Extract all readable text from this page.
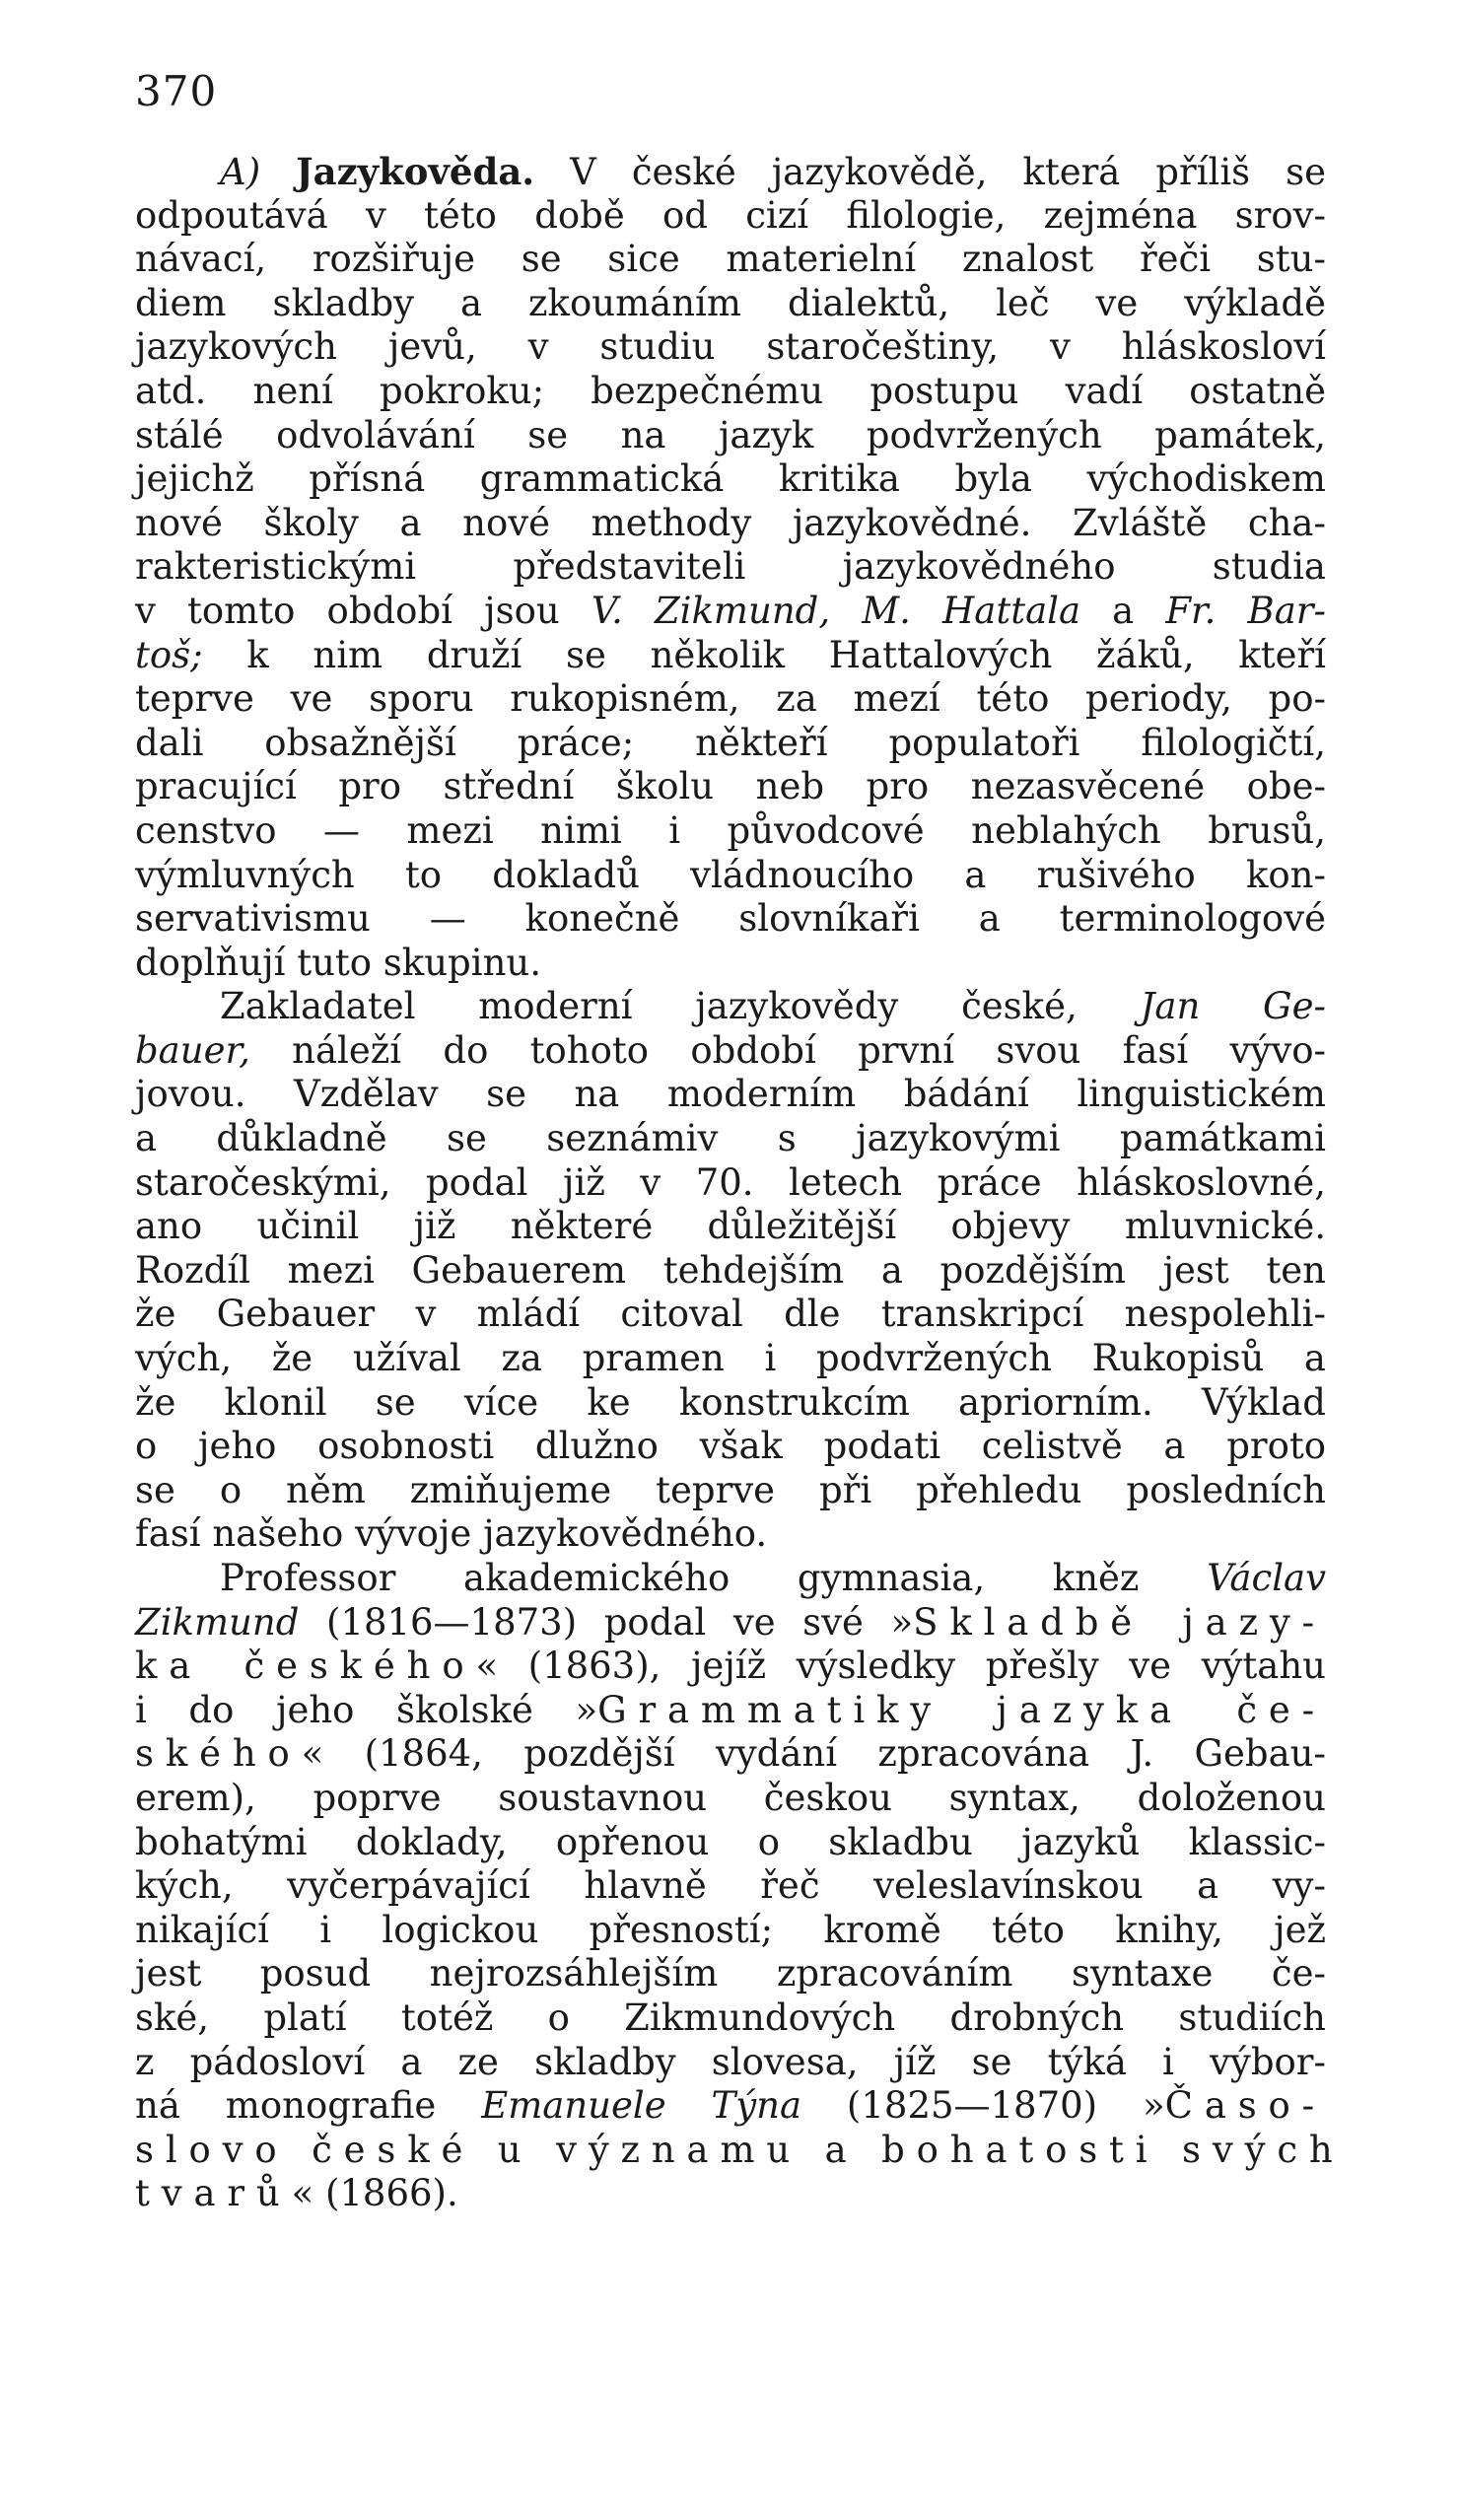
370
A) Jazykověda. V české jazykovědě, která příliš se
odpoutává v této době od cizí filologie, zejména srov-
návací, rozšiřuje se sice materielní znalost řeči stu-
diem skladby a zkoumáním dialektů, leč ve výkladě
jazykových jevů, v studiu staročeštiny, v hláskosloví
atd. není pokroku; bezpečnému postupu vadí ostatně
stálé odvolávání se na jazyk podvržených památek,
jejichž přísná grammatická kritika byla východiskem
nové školy a nové methody jazykovědné. Zvláště cha-
rakteristickými představiteli jazykovědného studia
v tomto období jsou V. Zikmund, M. Hattala a Fr. Bar-
toš; k nim druží se několik Hattalových žáků, kteří
teprve ve sporu rukopisném, za mezí této periody, po-
dali obsažnější práce; někteří populatoři filologičtí,
pracující pro střední školu neb pro nezasvěcené obe-
censtvo — mezi nimi i původcové neblahých brusů,
výmluvných to dokladů vládnoucího a rušivého kon-
servativismu — konečně slovníkaři a terminologové
doplňují tuto skupinu.
Zakladatel moderní jazykovědy české, Jan Ge-
bauer, náleží do tohoto období první svou fasí vývo-
jovou. Vzdělav se na moderním bádání linguistickém
a důkladně se seznámiv s jazykovými památkami
staročeskými, podal již v 70. letech práce hláskoslovné,
ano učinil již některé důležitější objevy mluvnické.
Rozdíl mezi Gebauerem tehdejším a pozdějším jest ten
že Gebauer v mládí citoval dle transkripcí nespolehli-
vých, že užíval za pramen i podvržených Rukopisů a
že klonil se více ke konstrukcím apriorním. Výklad
o jeho osobnosti dlužno však podati celistvě a proto
se o něm zmiňujeme teprve při přehledu posledních
fasí našeho vývoje jazykovědného.
Professor akademického gymnasia, kněz Václav
Zikmund (1816—1873) podal ve své »Skladbě jazy-
ka českého« (1863), jejíž výsledky přešly ve výtahu
i do jeho školské »Grammatiky jazyka če-
ského« (1864, pozdější vydání zpracována J. Gebau-
erem), poprve soustavnou českou syntax, doloženou
bohatými doklady, opřenou o skladbu jazyků klassic-
kých, vyčerpávající hlavně řeč veleslavínskou a vy-
nikající i logickou přesností; kromě této knihy, jež
jest posud nejrozsáhlejším zpracováním syntaxe če-
ské, platí totéž o Zikmundových drobných studiích
z pádosloví a ze skladby slovesa, jíž se týká i výbor-
ná monografie Emanuele Týna (1825—1870) »Časo-
slovo české u významu a bohatosti svých
tvarů« (1866).
